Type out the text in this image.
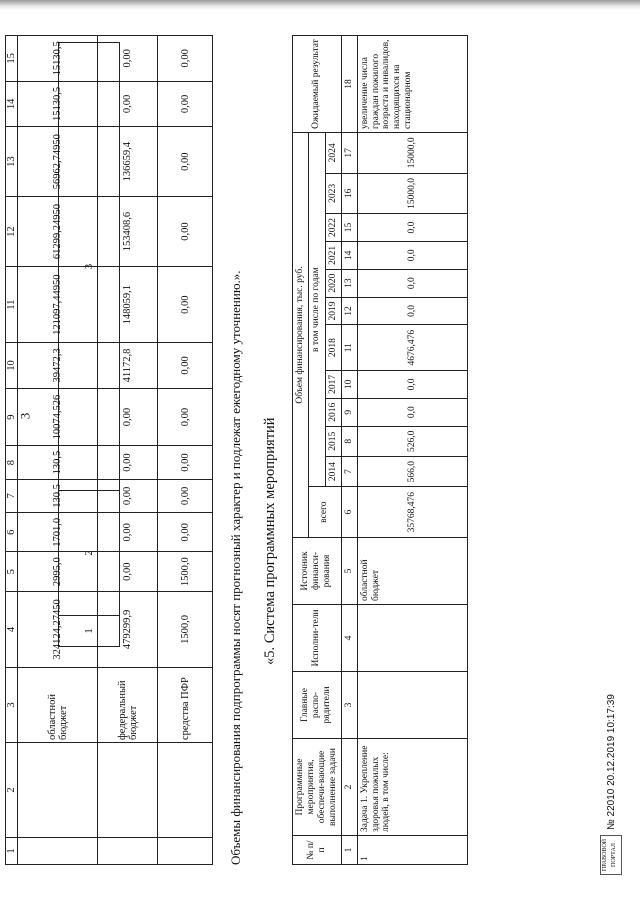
3
1	2	3
1	2	3	4	5	6	7	8	9	10	11	12	13	14	15
		областной бюджет	324124,27450	2995,0	1701,0	130,5	130,5	10074,526	39472,3	121097,44950	61299,24950	56962,74950	15130,5	15130,5
		федеральный бюджет	479299,9	0,00	0,00	0,00	0,00	0,00	41172,8	148059,1	153408,6	136659,4	0,00	0,00
		средства ПФР	1500,0	1500,0	0,00	0,00	0,00	0,00	0,00	0,00	0,00	0,00	0,00	0,00
Объемы финансирования подпрограммы носят прогнозный характер и подлежат ежегодному уточнению.». «5. Система программных мероприятий
№ п/п	Программные мероприятия, обеспечи-вающие выполнение задачи	Главные распо-рядители	Исполни-тели	Источник финанси-рования	Объем финансирования, тыс. руб.												Ожидаемый результат
					всего	в том числе по годам											
						2014	2015	2016	2017	2018	2019	2020	2021	2022	2023	2024	
1	2	3	4	5	6	7	8	9	10	11	12	13	14	15	16	17	18
1	Задача 1. Укрепление здоровья пожилых людей, в том числе:			областной бюджет	35768,476	566,0	526,0	0,0	0,0	4676,476	0,0	0,0	0,0	0,0	15000,0	15000,0	увеличение числа граждан пожилого возраста и инвалидов, находящихся на стационарном
ПРАВОВОЙ ПОРТАЛ
№ 22010 20.12.2019 10:17:39
